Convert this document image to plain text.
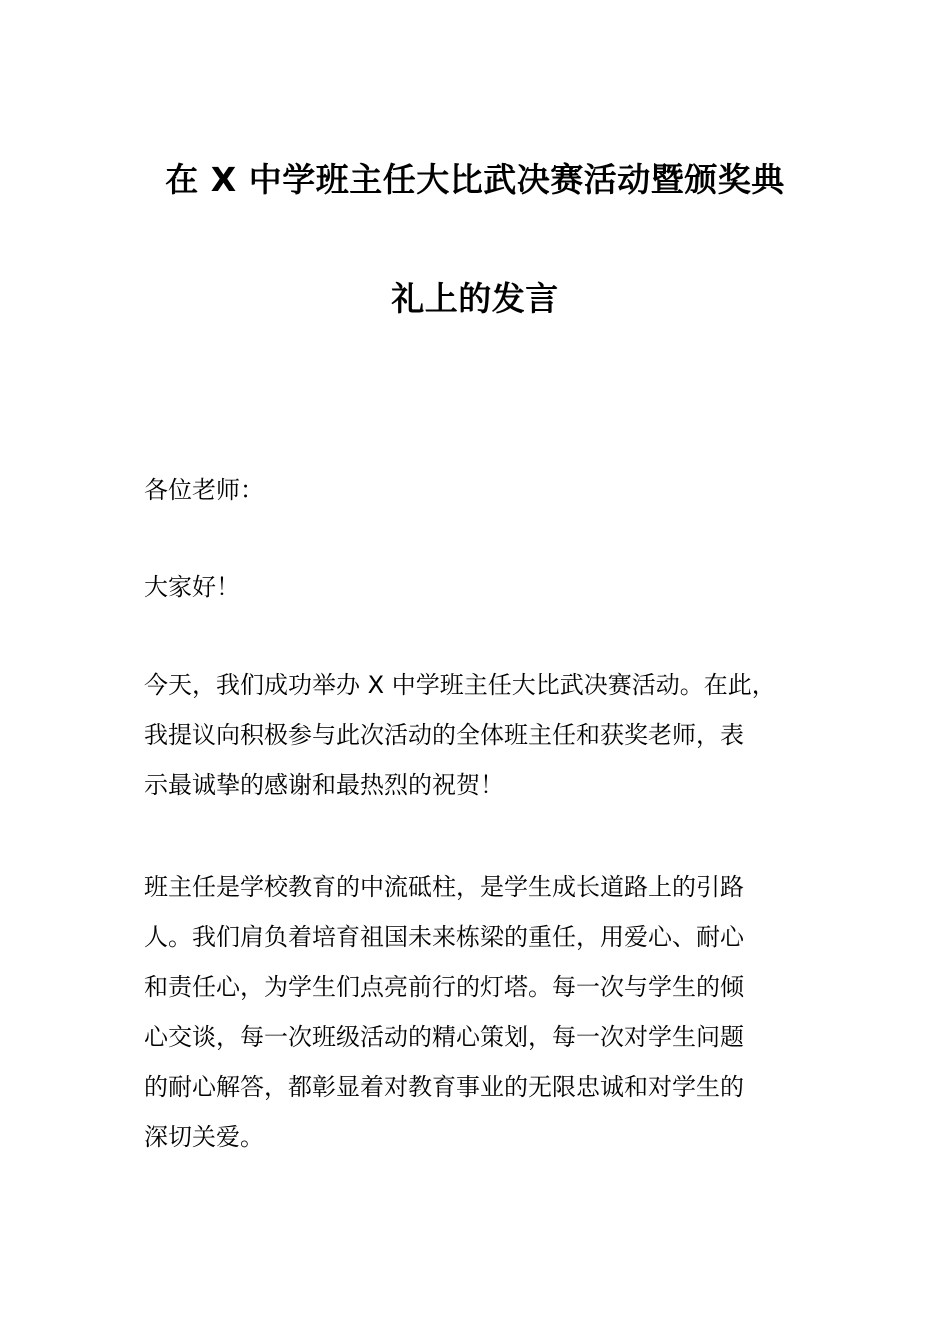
在 X 中学班主任大比武决赛活动暨颁奖典
礼上的发言
各位老师：
大家好！
今天，我们成功举办 X 中学班主任大比武决赛活动。在此，
我提议向积极参与此次活动的全体班主任和获奖老师，表
示最诚挚的感谢和最热烈的祝贺！
班主任是学校教育的中流砥柱，是学生成长道路上的引路
人。我们肩负着培育祖国未来栋梁的重任，用爱心、耐心
和责任心，为学生们点亮前行的灯塔。每一次与学生的倾
心交谈，每一次班级活动的精心策划，每一次对学生问题
的耐心解答，都彰显着对教育事业的无限忠诚和对学生的
深切关爱。
